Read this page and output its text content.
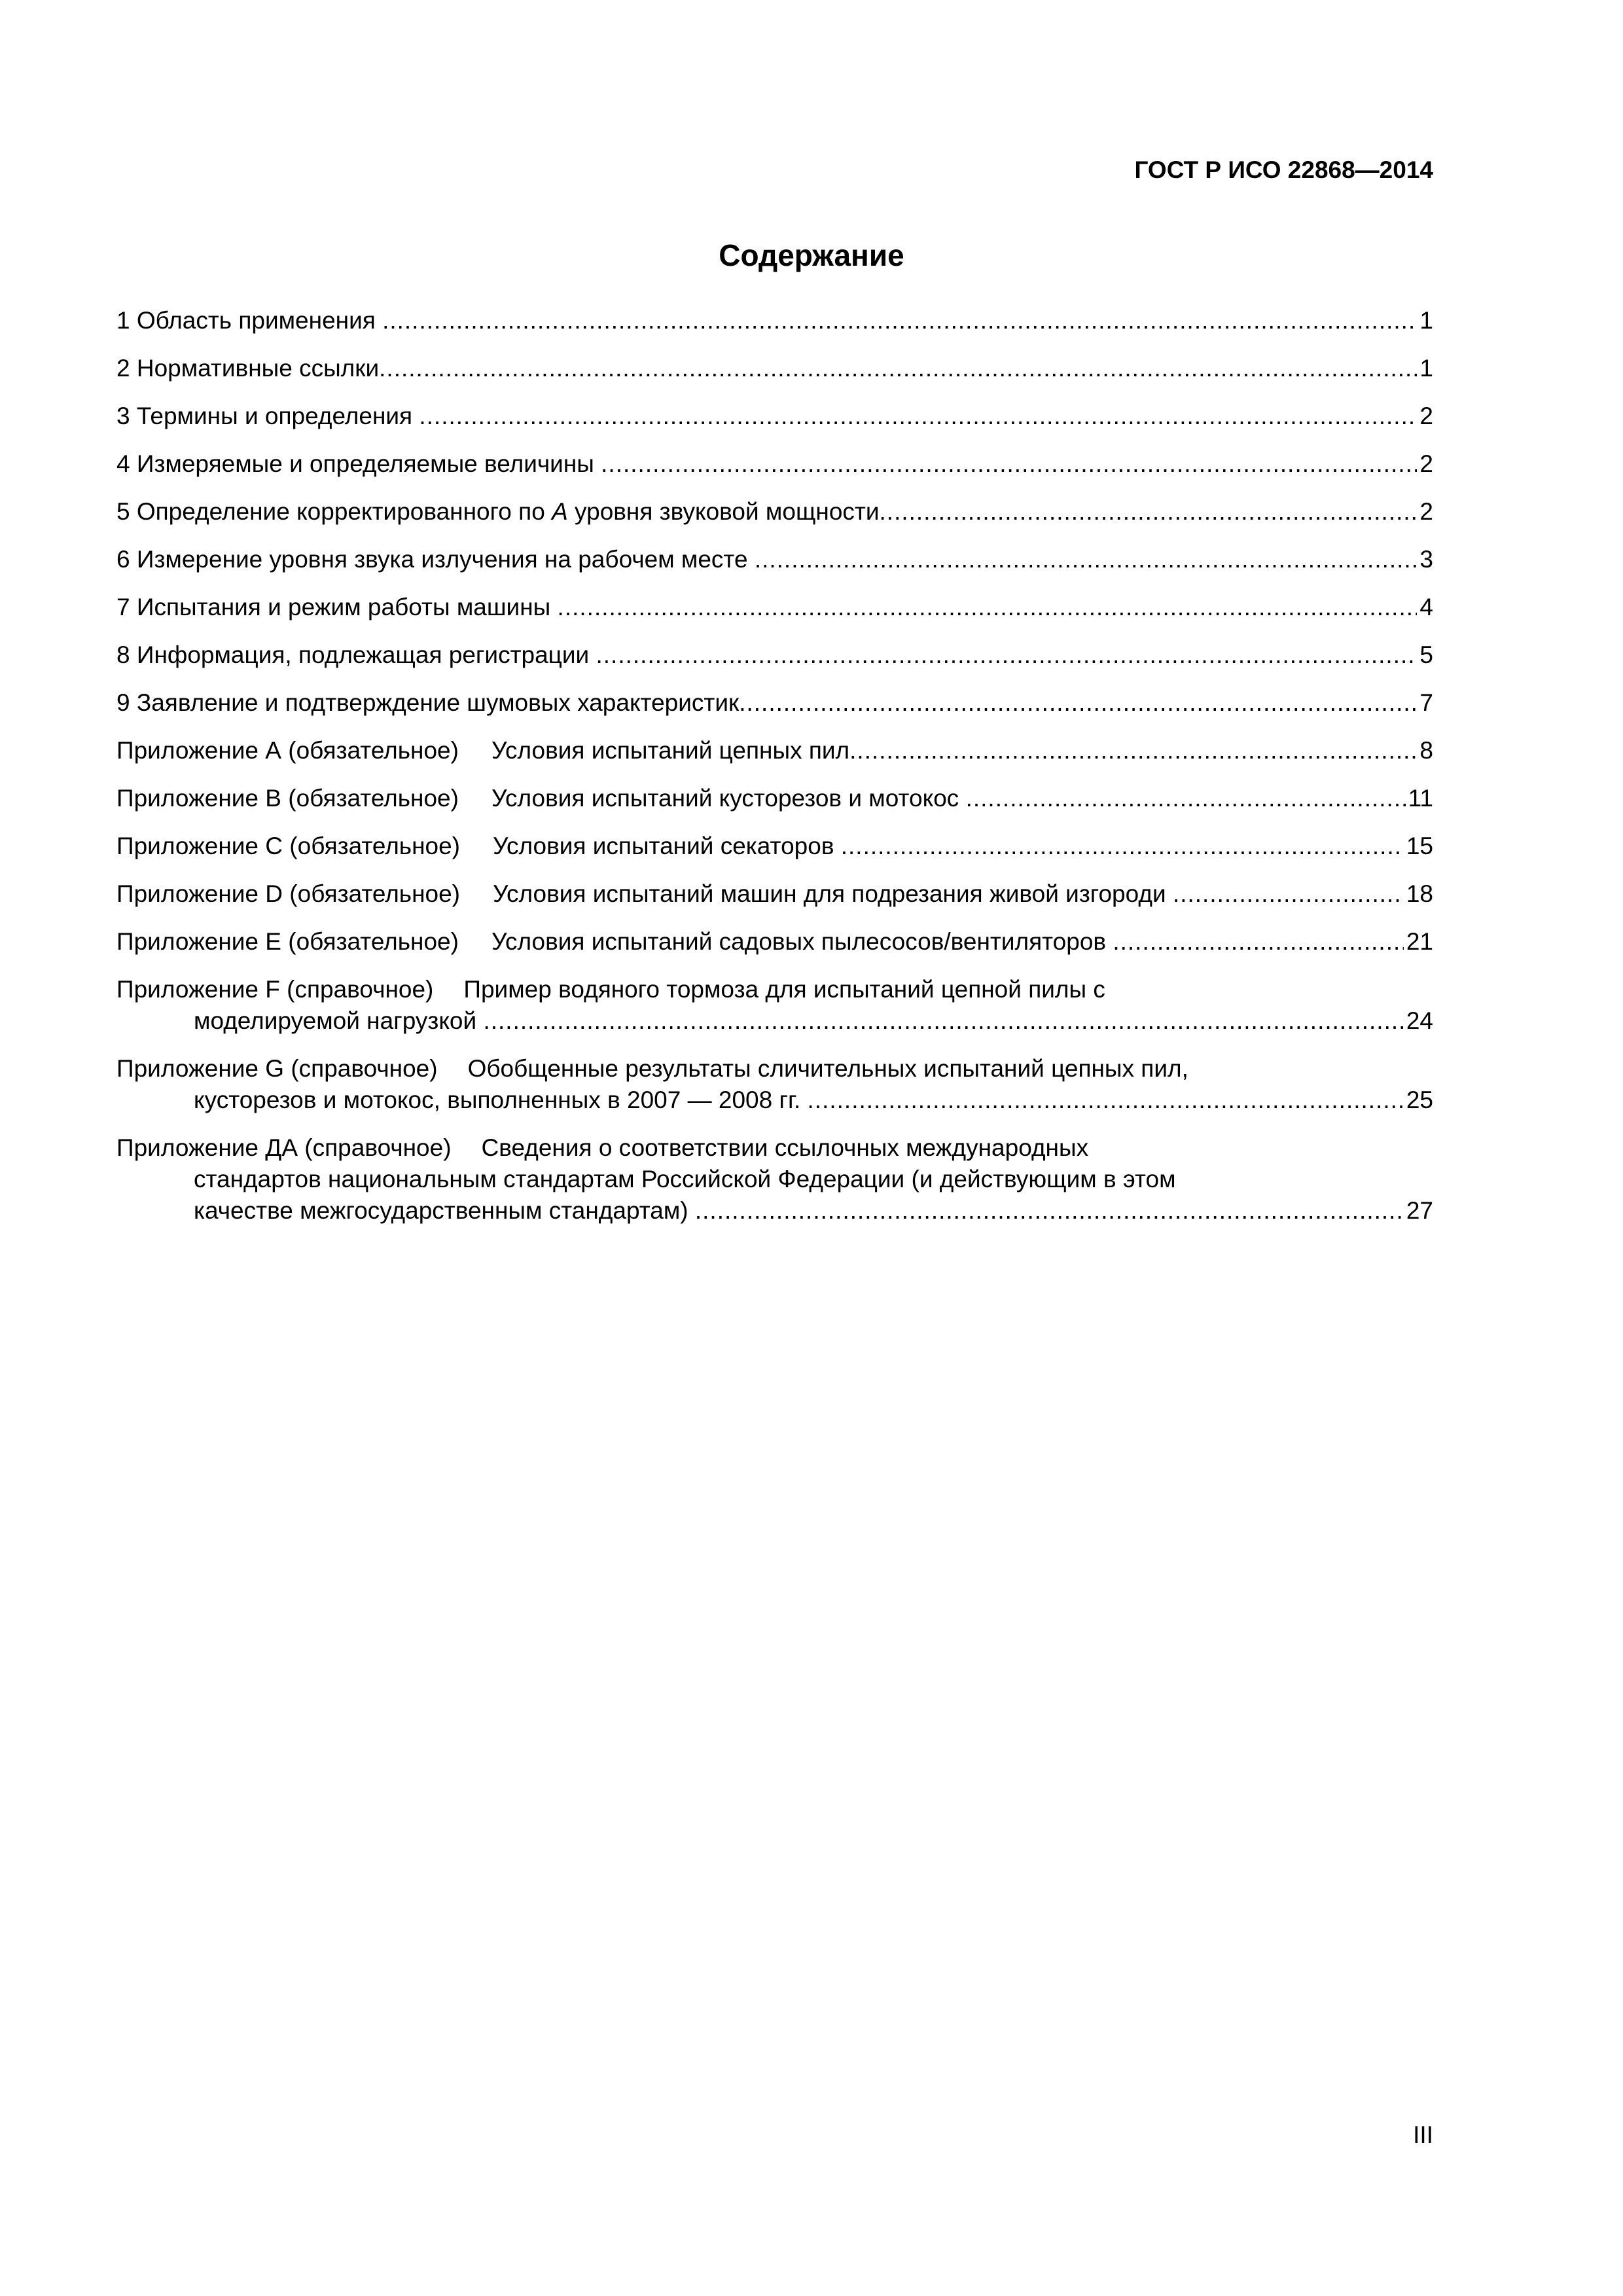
ГОСТ Р ИСО 22868—2014
Содержание
1 Область применения .....	1
2 Нормативные ссылки .....	1
3 Термины и определения .....	2
4 Измеряемые и определяемые величины .....	2
5 Определение корректированного по А уровня звуковой мощности .....	2
6 Измерение уровня звука излучения на рабочем месте .....	3
7 Испытания и режим работы машины .....	4
8 Информация, подлежащая регистрации .....	5
9 Заявление и подтверждение шумовых характеристик .....	7
Приложение А (обязательное)	Условия испытаний цепных пил .....	8
Приложение В (обязательное)	Условия испытаний кусторезов и мотокос .....	11
Приложение С (обязательное)	Условия испытаний секаторов .....	15
Приложение D (обязательное)	Условия испытаний машин для подрезания живой изгороди .....	18
Приложение Е (обязательное)	Условия испытаний садовых пылесосов/вентиляторов .....	21
Приложение F (справочное)	Пример водяного тормоза для испытаний цепной пилы с
моделируемой нагрузкой .....	24
Приложение G (справочное)	Обобщенные результаты сличительных испытаний цепных пил,
кусторезов и мотокос, выполненных в 2007 — 2008 гг. .....	25
Приложение ДА (справочное)	Сведения о соответствии ссылочных международных
стандартов национальным стандартам Российской Федерации (и действующим в этом
качестве межгосударственным стандартам) .....	27
III
